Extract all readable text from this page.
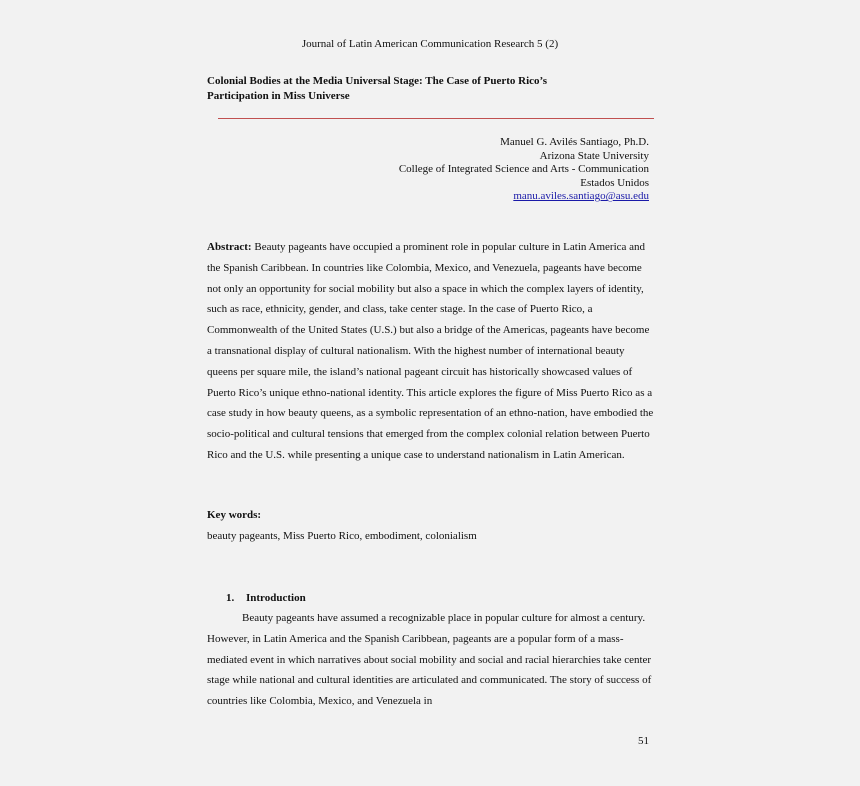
Journal of Latin American Communication Research 5 (2)

Colonial Bodies at the Media Universal Stage: The Case of Puerto Rico’s
Participation in Miss Universe

Manuel G. Avilés Santiago, Ph.D.
Arizona State University
College of Integrated Science and Arts - Communication
Estados Unidos
manu.aviles.santiago@asu.edu

Abstract: Beauty pageants have occupied a prominent role in popular culture in Latin America and the Spanish Caribbean. In countries like Colombia, Mexico, and Venezuela, pageants have become not only an opportunity for social mobility but also a space in which the complex layers of identity, such as race, ethnicity, gender, and class, take center stage. In the case of Puerto Rico, a Commonwealth of the United States (U.S.) but also a bridge of the Americas, pageants have become a transnational display of cultural nationalism. With the highest number of international beauty queens per square mile, the island’s national pageant circuit has historically showcased values of Puerto Rico’s unique ethno-national identity. This article explores the figure of Miss Puerto Rico as a case study in how beauty queens, as a symbolic representation of an ethno-nation, have embodied the socio-political and cultural tensions that emerged from the complex colonial relation between Puerto Rico and the U.S. while presenting a unique case to understand nationalism in Latin American.

Key words:

beauty pageants, Miss Puerto Rico, embodiment, colonialism

1. Introduction

Beauty pageants have assumed a recognizable place in popular culture for almost a century. However, in Latin America and the Spanish Caribbean, pageants are a popular form of a mass-mediated event in which narratives about social mobility and social and racial hierarchies take center stage while national and cultural identities are articulated and communicated. The story of success of countries like Colombia, Mexico, and Venezuela in

51
